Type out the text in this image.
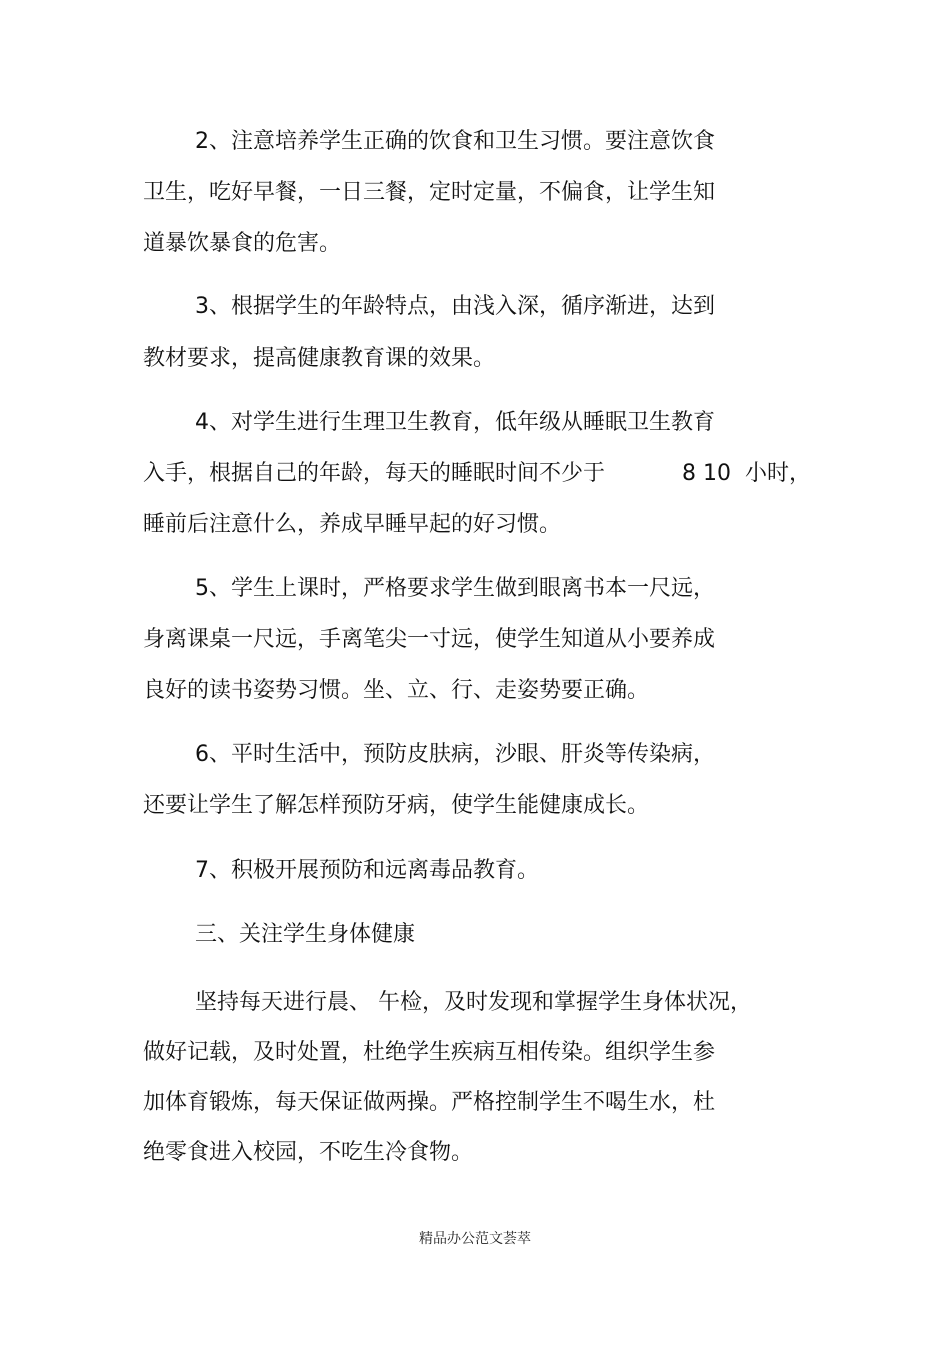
2、注意培养学生正确的饮食和卫生习惯。要注意饮食
卫生，吃好早餐，一日三餐，定时定量，不偏食，让学生知
道暴饮暴食的危害。
3、根据学生的年龄特点，由浅入深，循序渐进，达到
教材要求，提高健康教育课的效果。
4、对学生进行生理卫生教育，低年级从睡眠卫生教育
入手，根据自己的年龄，每天的睡眠时间不少于	8 10 小时，
睡前后注意什么，养成早睡早起的好习惯。
5、学生上课时，严格要求学生做到眼离书本一尺远，
身离课桌一尺远，手离笔尖一寸远，使学生知道从小要养成
良好的读书姿势习惯。坐、立、行、走姿势要正确。
6、平时生活中，预防皮肤病，沙眼、肝炎等传染病，
还要让学生了解怎样预防牙病，使学生能健康成长。
7、积极开展预防和远离毒品教育。
三、关注学生身体健康
坚持每天进行晨、 午检，及时发现和掌握学生身体状况，
做好记载，及时处置，杜绝学生疾病互相传染。组织学生参
加体育锻炼，每天保证做两操。严格控制学生不喝生水，杜
绝零食进入校园，不吃生冷食物。
精品办公范文荟萃
